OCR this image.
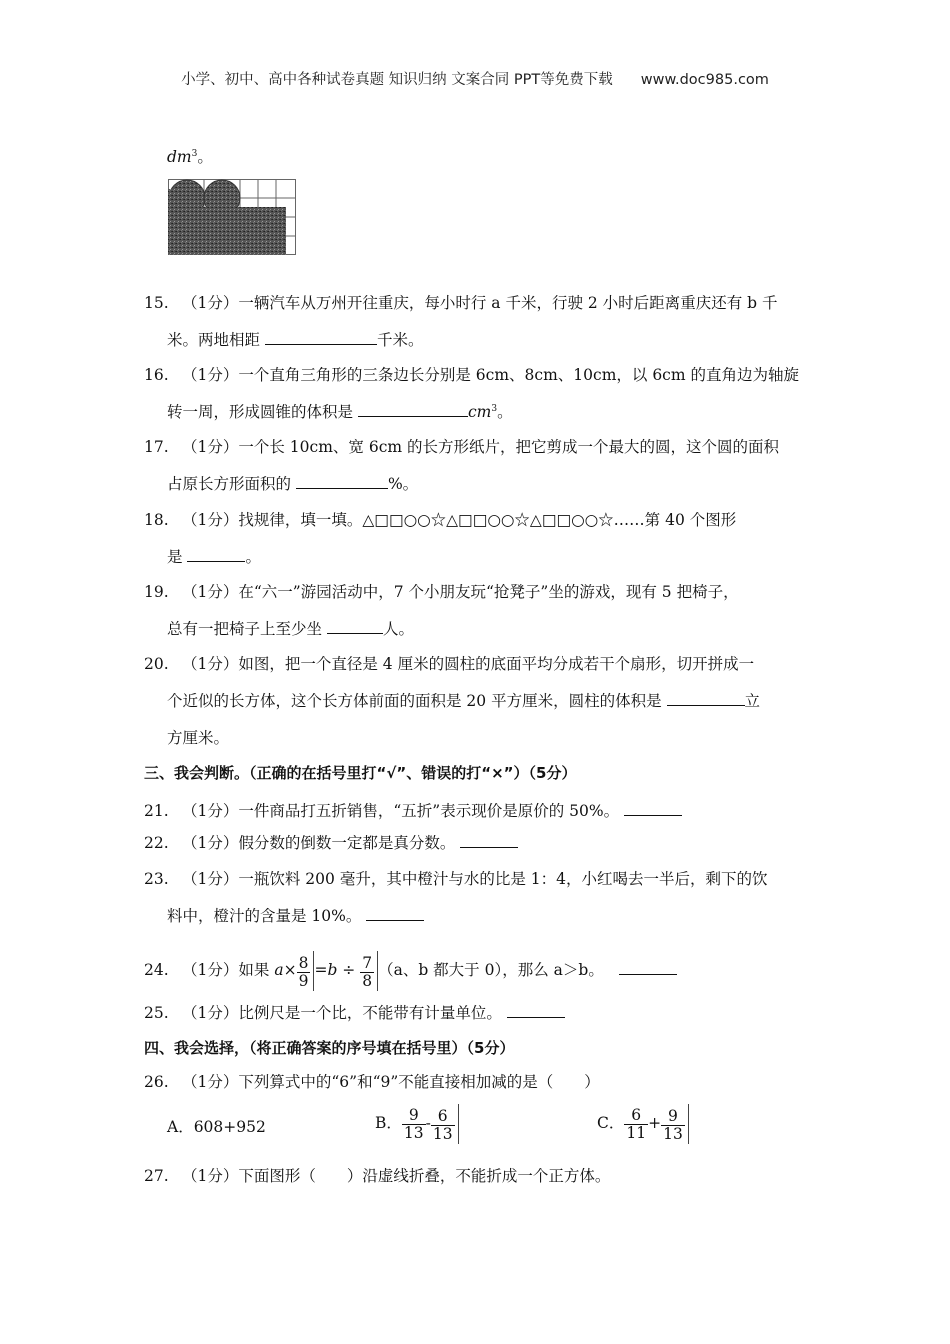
小学、初中、高中各种试卷真题 知识归纳 文案合同 PPT等免费下载 www.doc985.com
$dm^3$。
15. （1分）一辆汽车从万州开往重庆，每小时行 a 千米，行驶 2 小时后距离重庆还有 b 千
米。两地相距	千米。
16. （1分）一个直角三角形的三条边长分别是 6cm、8cm、10cm，以 6cm 的直角边为轴旋
转一周，形成圆锥的体积是	$cm^3$。
17. （1分）一个长 10cm、宽 6cm 的长方形纸片，把它剪成一个最大的圆，这个圆的面积
占原长方形面积的	%。
18. （1分）找规律，填一填。△□□○○☆△□□○○☆△□□○○☆……第 40 个图形
是	。
19. （1分）在“六一”游园活动中，7 个小朋友玩“抢凳子”坐的游戏，现有 5 把椅子，
总有一把椅子上至少坐	人。
20. （1分）如图，把一个直径是 4 厘米的圆柱的底面平均分成若干个扇形，切开拼成一
个近似的长方体，这个长方体前面的面积是 20 平方厘米，圆柱的体积是	立
方厘米。
三、我会判断。（正确的在括号里打“√”、错误的打“×”）（5分）
21. （1分）一件商品打五折销售，“五折”表示现价是原价的 50%。
22. （1分）假分数的倒数一定都是真分数。
23. （1分）一瓶饮料 200 毫升，其中橙汁与水的比是 1：4，小红喝去一半后，剩下的饮
料中，橙汁的含量是 10%。
24. （1分）如果 $a\times \frac{8}{9} =b \div \frac{7}{8} (a$、b 都大于 0），那么 a＞b。
25. （1分）比例尺是一个比，不能带有计量单位。
四、我会选择，（将正确答案的序号填在括号里）（5分）
26. （1分）下列算式中的“6”和“9”不能直接相加减的是（　　）
A．608+952	B． $\frac{9}{13} - \frac{6}{13}$	C． $\frac{6}{11} + \frac{9}{13}$
27. （1分）下面图形（　　）沿虚线折叠，不能折成一个正方体。
